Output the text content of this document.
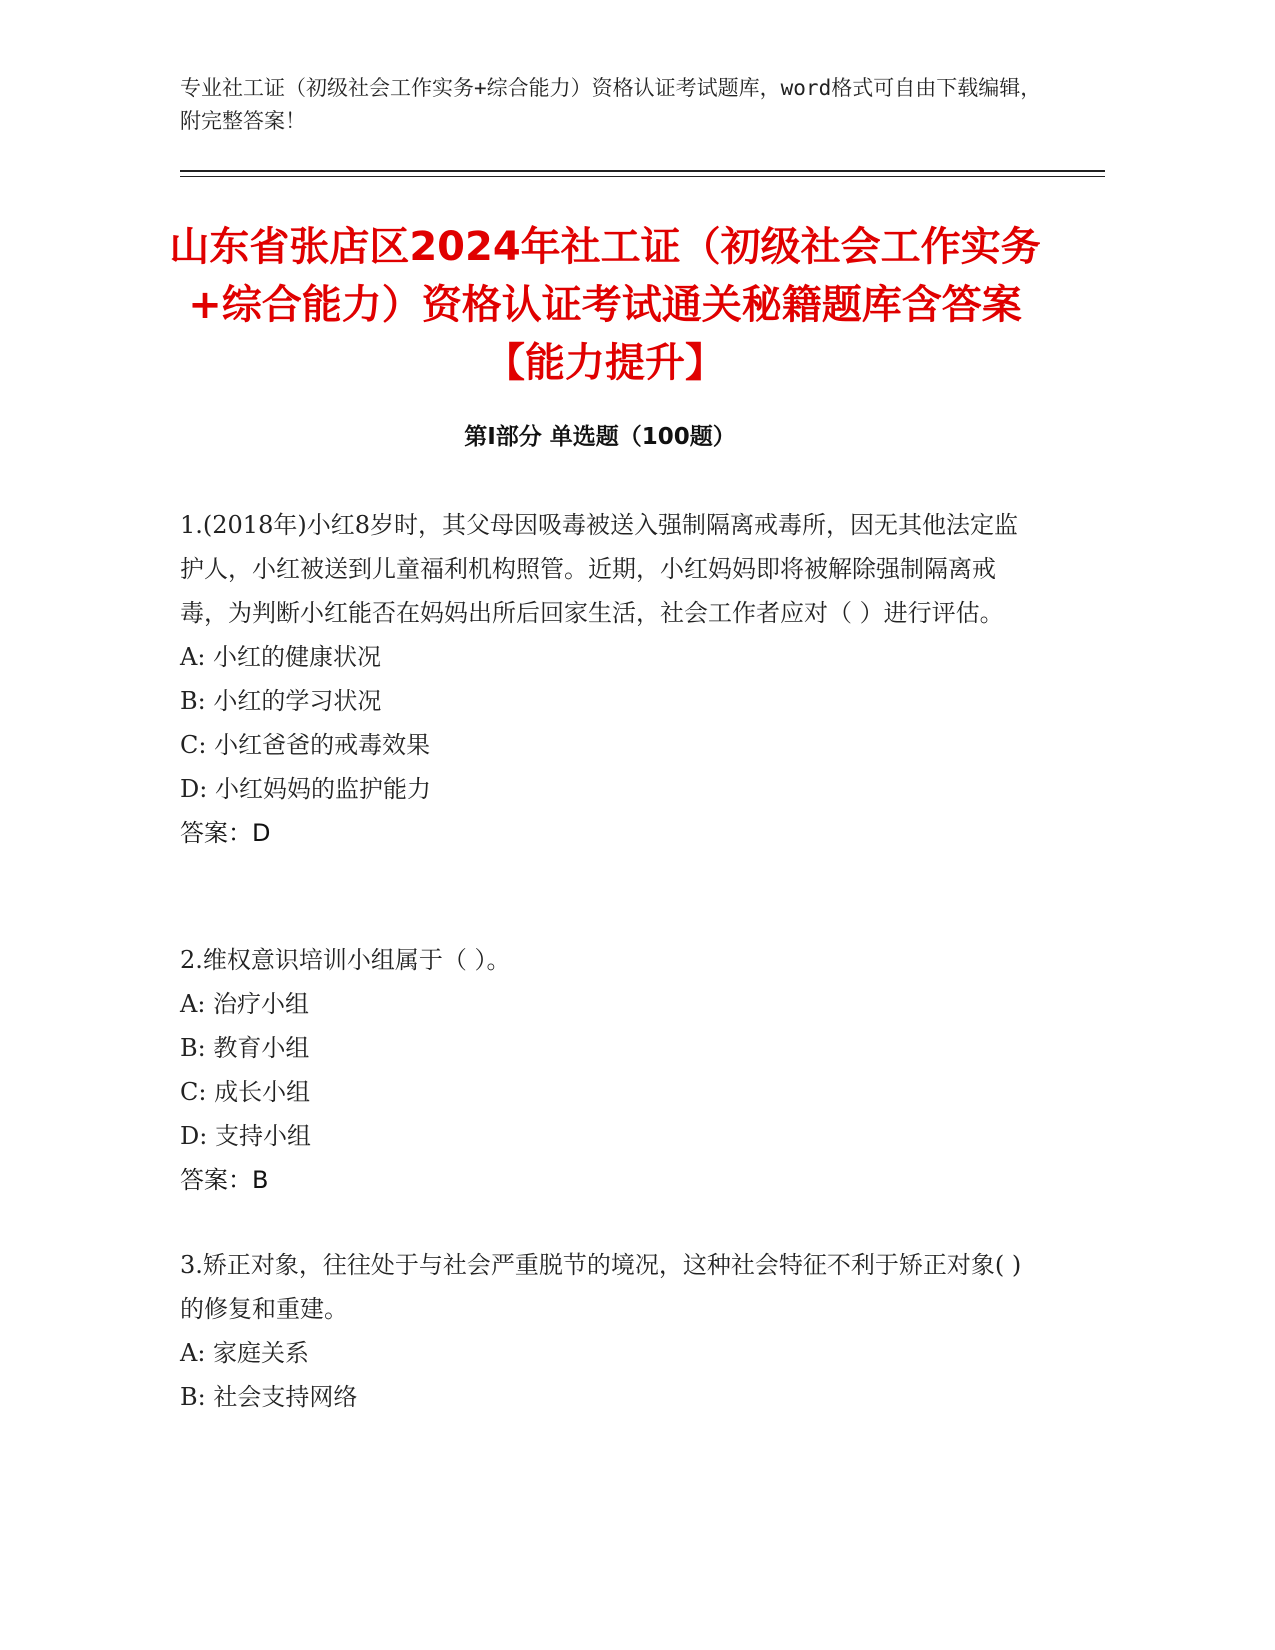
专业社工证（初级社会工作实务+综合能力）资格认证考试题库，word格式可自由下载编辑，附完整答案！
山东省张店区2024年社工证（初级社会工作实务+综合能力）资格认证考试通关秘籍题库含答案【能力提升】
第Ⅰ部分 单选题（100题）
1.(2018年)小红8岁时，其父母因吸毒被送入强制隔离戒毒所，因无其他法定监护人，小红被送到儿童福利机构照管。近期，小红妈妈即将被解除强制隔离戒毒，为判断小红能否在妈妈出所后回家生活，社会工作者应对（ ）进行评估。
A: 小红的健康状况
B: 小红的学习状况
C: 小红爸爸的戒毒效果
D: 小红妈妈的监护能力
答案：D
2.维权意识培训小组属于（ ）。
A: 治疗小组
B: 教育小组
C: 成长小组
D: 支持小组
答案：B
3.矫正对象，往往处于与社会严重脱节的境况，这种社会特征不利于矫正对象( )的修复和重建。
A: 家庭关系
B: 社会支持网络
